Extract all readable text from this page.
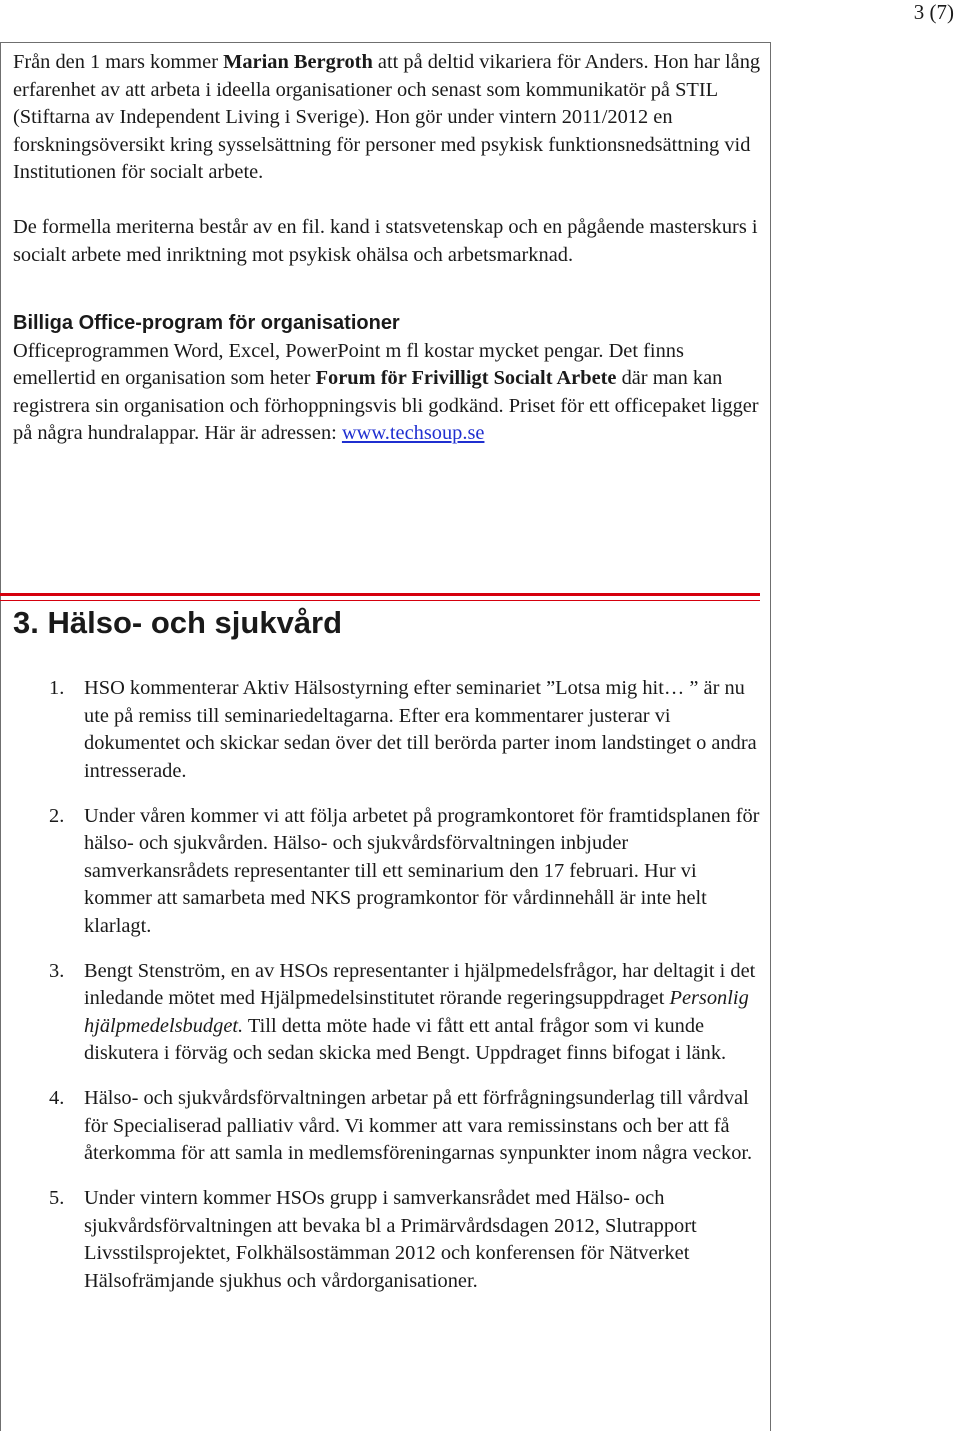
3 (7)

Från den 1 mars kommer Marian Bergroth att på deltid vikariera för Anders. Hon har lång erfarenhet av att arbeta i ideella organisationer och senast som kommunikatör på STIL (Stiftarna av Independent Living i Sverige). Hon gör under vintern 2011/2012 en forskningsöversikt kring sysselsättning för personer med psykisk funktionsnedsättning vid Institutionen för socialt arbete.

De formella meriterna består av en fil. kand i statsvetenskap och en pågående masterskurs i socialt arbete med inriktning mot psykisk ohälsa och arbetsmarknad.

Billiga Office-program för organisationer

Officeprogrammen Word, Excel, PowerPoint m fl kostar mycket pengar. Det finns emellertid en organisation som heter Forum för Frivilligt Socialt Arbete där man kan registrera sin organisation och förhoppningsvis bli godkänd. Priset för ett officepaket ligger på några hundralappar. Här är adressen: www.techsoup.se

3. Hälso- och sjukvård
1. HSO kommenterar Aktiv Hälsostyrning efter seminariet ”Lotsa mig hit… ” är nu ute på remiss till seminariedeltagarna. Efter era kommentarer justerar vi dokumentet och skickar sedan över det till berörda parter inom landstinget o andra intresserade.
2. Under våren kommer vi att följa arbetet på programkontoret för framtidsplanen för hälso- och sjukvården. Hälso- och sjukvårdsförvaltningen inbjuder samverkansrådets representanter till ett seminarium den 17 februari. Hur vi kommer att samarbeta med NKS programkontor för vårdinnehåll är inte helt klarlagt.
3. Bengt Stenström, en av HSOs representanter i hjälpmedelsfrågor, har deltagit i det inledande mötet med Hjälpmedelsinstitutet rörande regeringsuppdraget Personlig hjälpmedelsbudget. Till detta möte hade vi fått ett antal frågor som vi kunde diskutera i förväg och sedan skicka med Bengt. Uppdraget finns bifogat i länk.
4. Hälso- och sjukvårdsförvaltningen arbetar på ett förfrågningsunderlag till vårdval för Specialiserad palliativ vård. Vi kommer att vara remissinstans och ber att få återkomma för att samla in medlemsföreningarnas synpunkter inom några veckor.
5. Under vintern kommer HSOs grupp i samverkansrådet med Hälso- och sjukvårdsförvaltningen att bevaka bl a Primärvårdsdagen 2012, Slutrapport Livsstilsprojektet, Folkhälsostämman 2012 och konferensen för Nätverket Hälsofrämjande sjukhus och vårdorganisationer.
